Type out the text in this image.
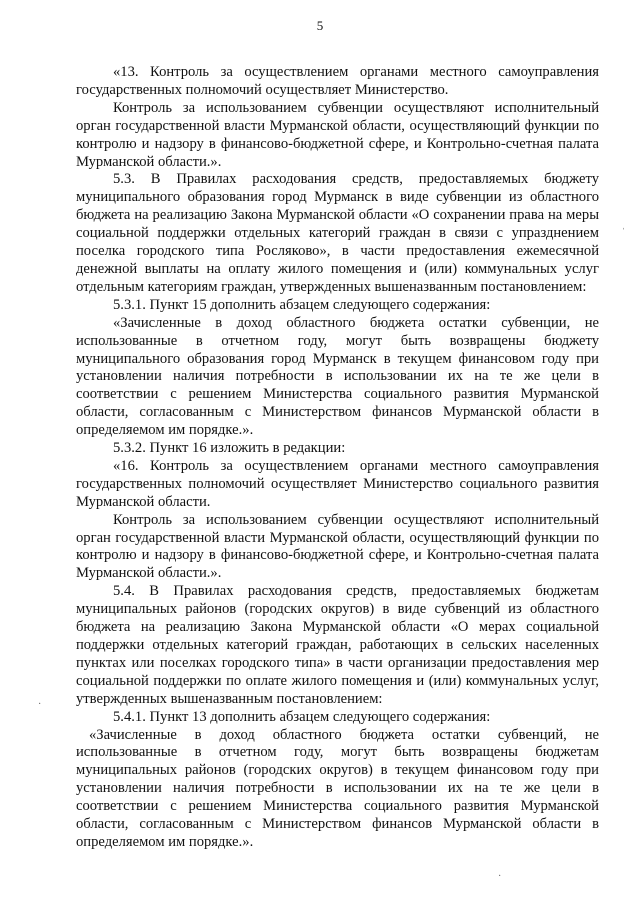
5

«13. Контроль за осуществлением органами местного самоуправления государственных полномочий осуществляет Министерство.

Контроль за использованием субвенции осуществляют исполнительный орган государственной власти Мурманской области, осуществляющий функции по контролю и надзору в финансово-бюджетной сфере, и Контрольно-счетная палата Мурманской области.».

5.3. В Правилах расходования средств, предоставляемых бюджету муниципального образования город Мурманск в виде субвенции из областного бюджета на реализацию Закона Мурманской области «О сохранении права на меры социальной поддержки отдельных категорий граждан в связи с упразднением поселка городского типа Росляково», в части предоставления ежемесячной денежной выплаты на оплату жилого помещения и (или) коммунальных услуг отдельным категориям граждан, утвержденных вышеназванным постановлением:

5.3.1. Пункт 15 дополнить абзацем следующего содержания:

«Зачисленные в доход областного бюджета остатки субвенции, не использованные в отчетном году, могут быть возвращены бюджету муниципального образования город Мурманск в текущем финансовом году при установлении наличия потребности в использовании их на те же цели в соответствии с решением Министерства социального развития Мурманской области, согласованным с Министерством финансов Мурманской области в определяемом им порядке.».

5.3.2. Пункт 16 изложить в редакции:

«16. Контроль за осуществлением органами местного самоуправления государственных полномочий осуществляет Министерство социального развития Мурманской области.

Контроль за использованием субвенции осуществляют исполнительный орган государственной власти Мурманской области, осуществляющий функции по контролю и надзору в финансово-бюджетной сфере, и Контрольно-счетная палата Мурманской области.».

5.4. В Правилах расходования средств, предоставляемых бюджетам муниципальных районов (городских округов) в виде субвенций из областного бюджета на реализацию Закона Мурманской области «О мерах социальной поддержки отдельных категорий граждан, работающих в сельских населенных пунктах или поселках городского типа» в части организации предоставления мер социальной поддержки по оплате жилого помещения и (или) коммунальных услуг, утвержденных вышеназванным постановлением:

5.4.1. Пункт 13 дополнить абзацем следующего содержания:

«Зачисленные в доход областного бюджета остатки субвенций, не использованные в отчетном году, могут быть возвращены бюджетам муниципальных районов (городских округов) в текущем финансовом году при установлении наличия потребности в использовании их на те же цели в соответствии с решением Министерства социального развития Мурманской области, согласованным с Министерством финансов Мурманской области в определяемом им порядке.».

ˌ
·
·
